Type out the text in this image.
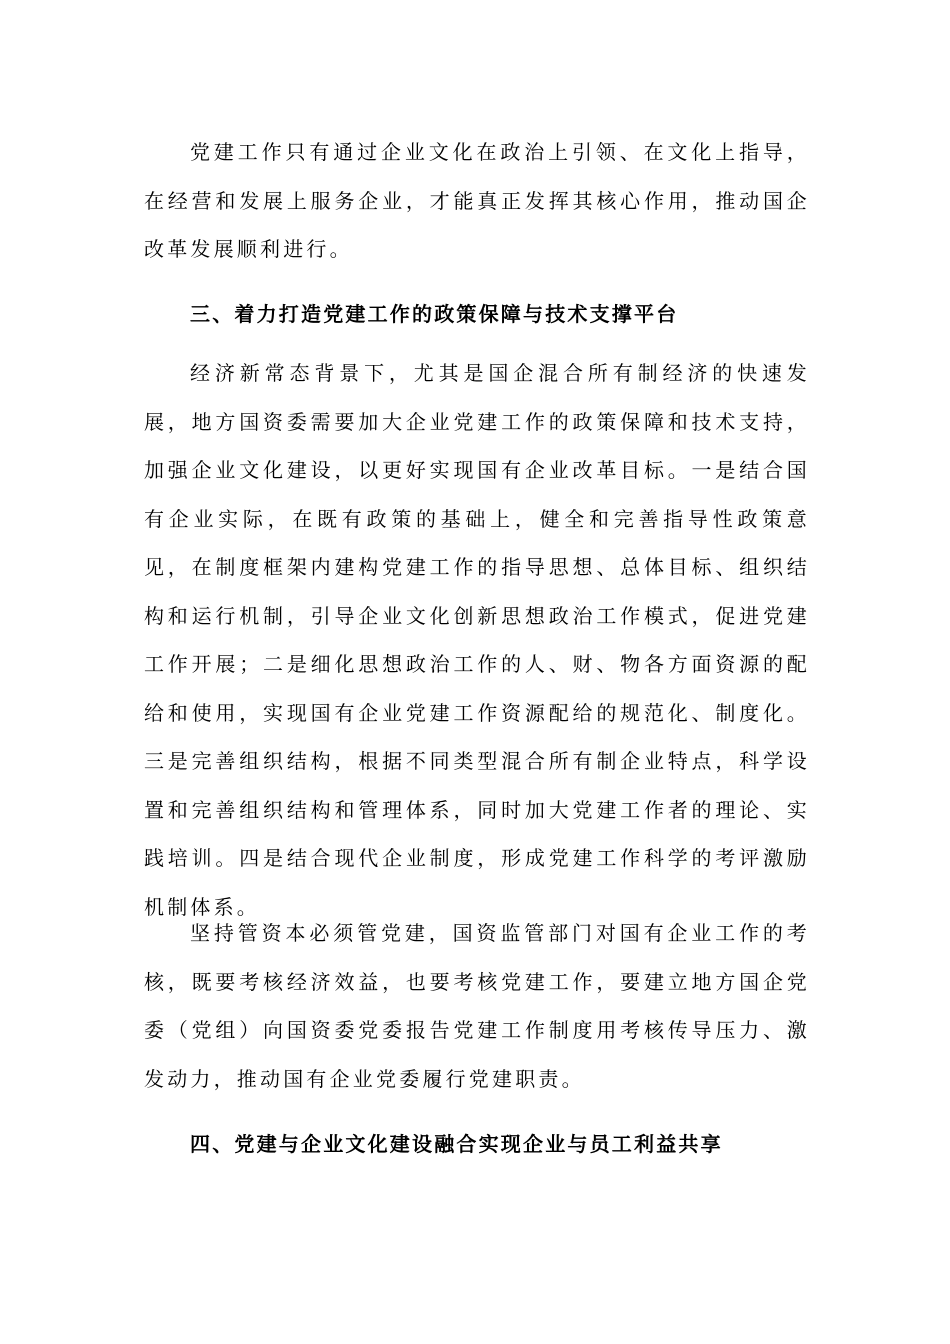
党建工作只有通过企业文化在政治上引领、在文化上指导，在经营和发展上服务企业，才能真正发挥其核心作用，推动国企改革发展顺利进行。

三、着力打造党建工作的政策保障与技术支撑平台

经济新常态背景下，尤其是国企混合所有制经济的快速发展，地方国资委需要加大企业党建工作的政策保障和技术支持，加强企业文化建设，以更好实现国有企业改革目标。一是结合国有企业实际，在既有政策的基础上，健全和完善指导性政策意见，在制度框架内建构党建工作的指导思想、总体目标、组织结构和运行机制，引导企业文化创新思想政治工作模式，促进党建工作开展；二是细化思想政治工作的人、财、物各方面资源的配给和使用，实现国有企业党建工作资源配给的规范化、制度化。三是完善组织结构，根据不同类型混合所有制企业特点，科学设置和完善组织结构和管理体系，同时加大党建工作者的理论、实践培训。四是结合现代企业制度，形成党建工作科学的考评激励机制体系。

坚持管资本必须管党建，国资监管部门对国有企业工作的考核，既要考核经济效益，也要考核党建工作，要建立地方国企党委（党组）向国资委党委报告党建工作制度用考核传导压力、激发动力，推动国有企业党委履行党建职责。

四、党建与企业文化建设融合实现企业与员工利益共享
